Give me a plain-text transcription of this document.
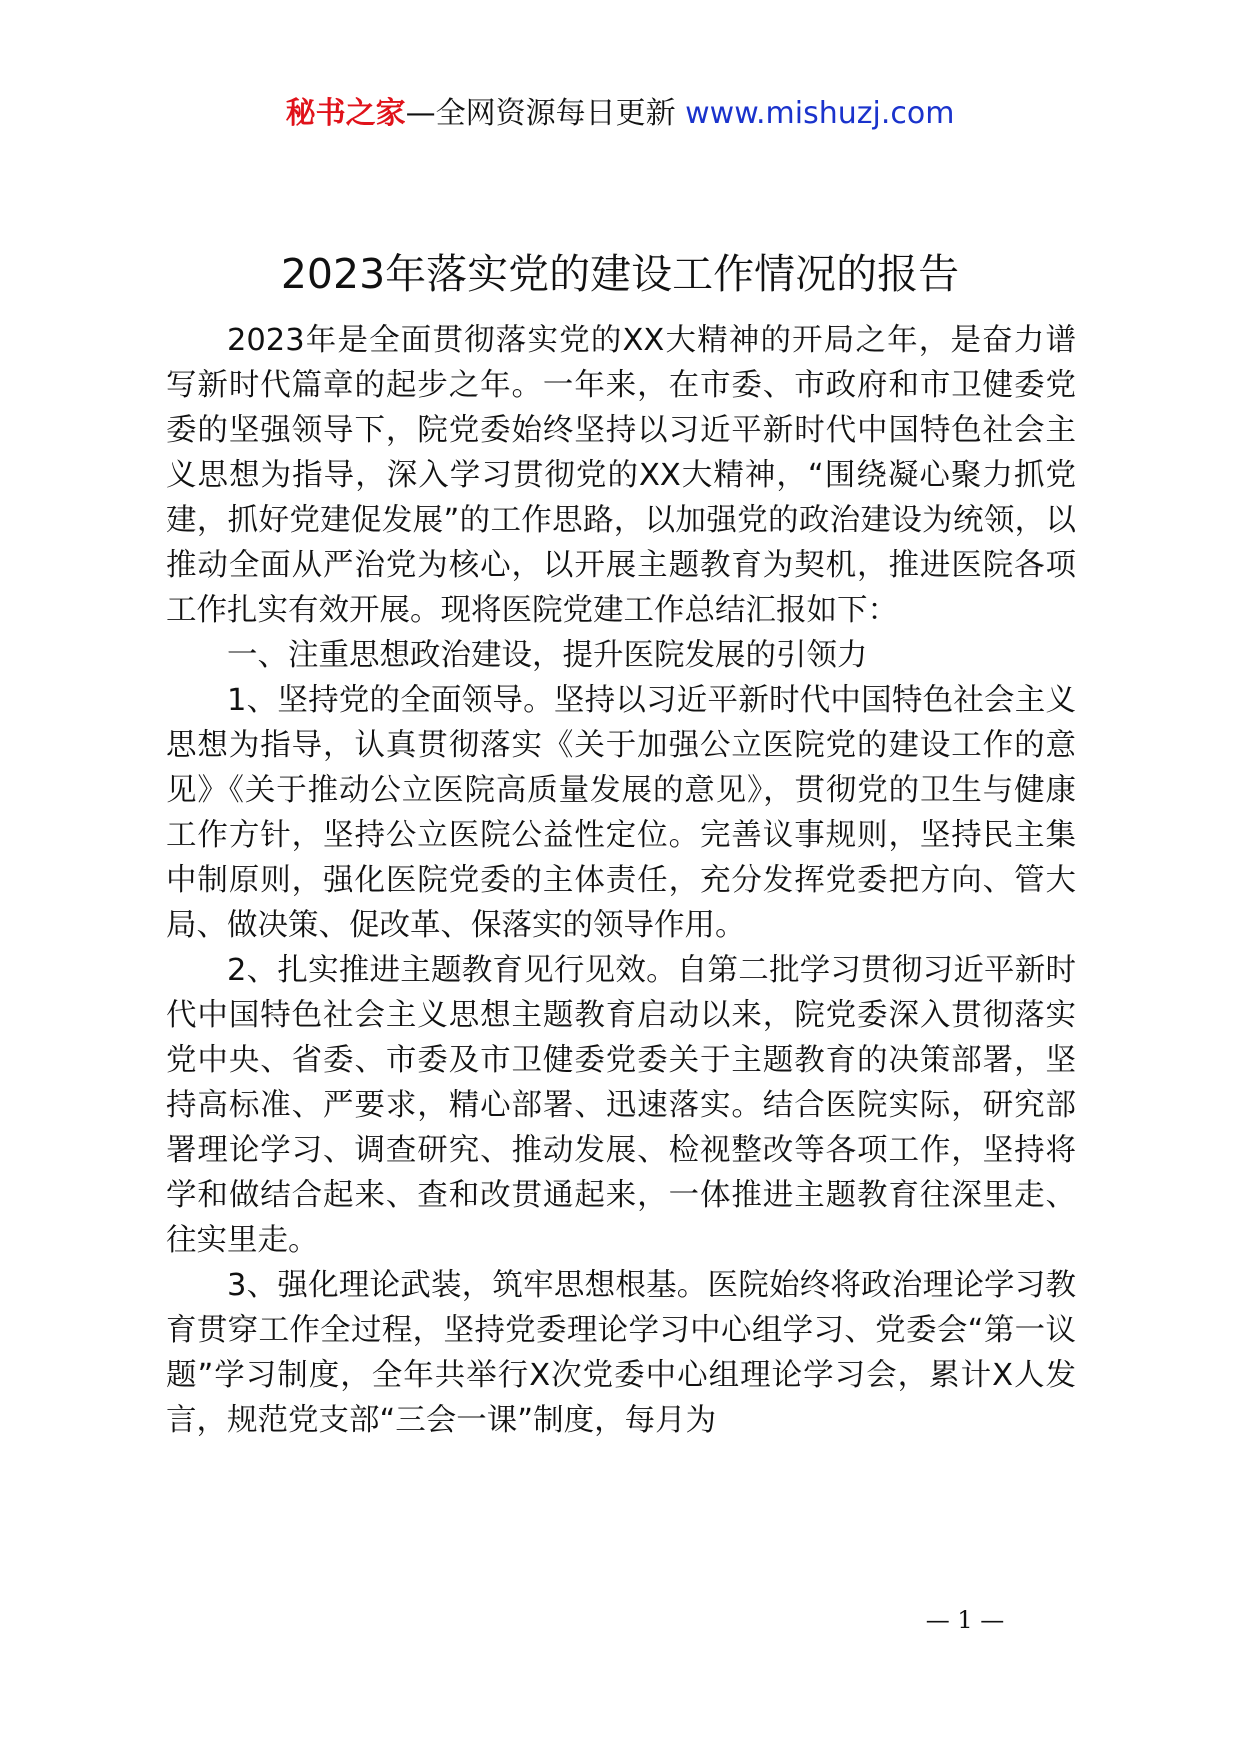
秘书之家—全网资源每日更新 www.mishuzj.com
2023年落实党的建设工作情况的报告

2023年是全面贯彻落实党的XX大精神的开局之年，是奋力谱写新时代篇章的起步之年。一年来，在市委、市政府和市卫健委党委的坚强领导下，院党委始终坚持以习近平新时代中国特色社会主义思想为指导，深入学习贯彻党的XX大精神，“围绕凝心聚力抓党建，抓好党建促发展”的工作思路，以加强党的政治建设为统领，以推动全面从严治党为核心，以开展主题教育为契机，推进医院各项工作扎实有效开展。现将医院党建工作总结汇报如下：

一、注重思想政治建设，提升医院发展的引领力

1、坚持党的全面领导。坚持以习近平新时代中国特色社会主义思想为指导，认真贯彻落实《关于加强公立医院党的建设工作的意见》《关于推动公立医院高质量发展的意见》，贯彻党的卫生与健康工作方针，坚持公立医院公益性定位。完善议事规则，坚持民主集中制原则，强化医院党委的主体责任，充分发挥党委把方向、管大局、做决策、促改革、保落实的领导作用。

2、扎实推进主题教育见行见效。自第二批学习贯彻习近平新时代中国特色社会主义思想主题教育启动以来，院党委深入贯彻落实党中央、省委、市委及市卫健委党委关于主题教育的决策部署，坚持高标准、严要求，精心部署、迅速落实。结合医院实际，研究部署理论学习、调查研究、推动发展、检视整改等各项工作，坚持将学和做结合起来、查和改贯通起来，一体推进主题教育往深里走、往实里走。

3、强化理论武装，筑牢思想根基。医院始终将政治理论学习教育贯穿工作全过程，坚持党委理论学习中心组学习、党委会“第一议题”学习制度，全年共举行X次党委中心组理论学习会，累计X人发言，规范党支部“三会一课”制度，每月为

— 1 —
